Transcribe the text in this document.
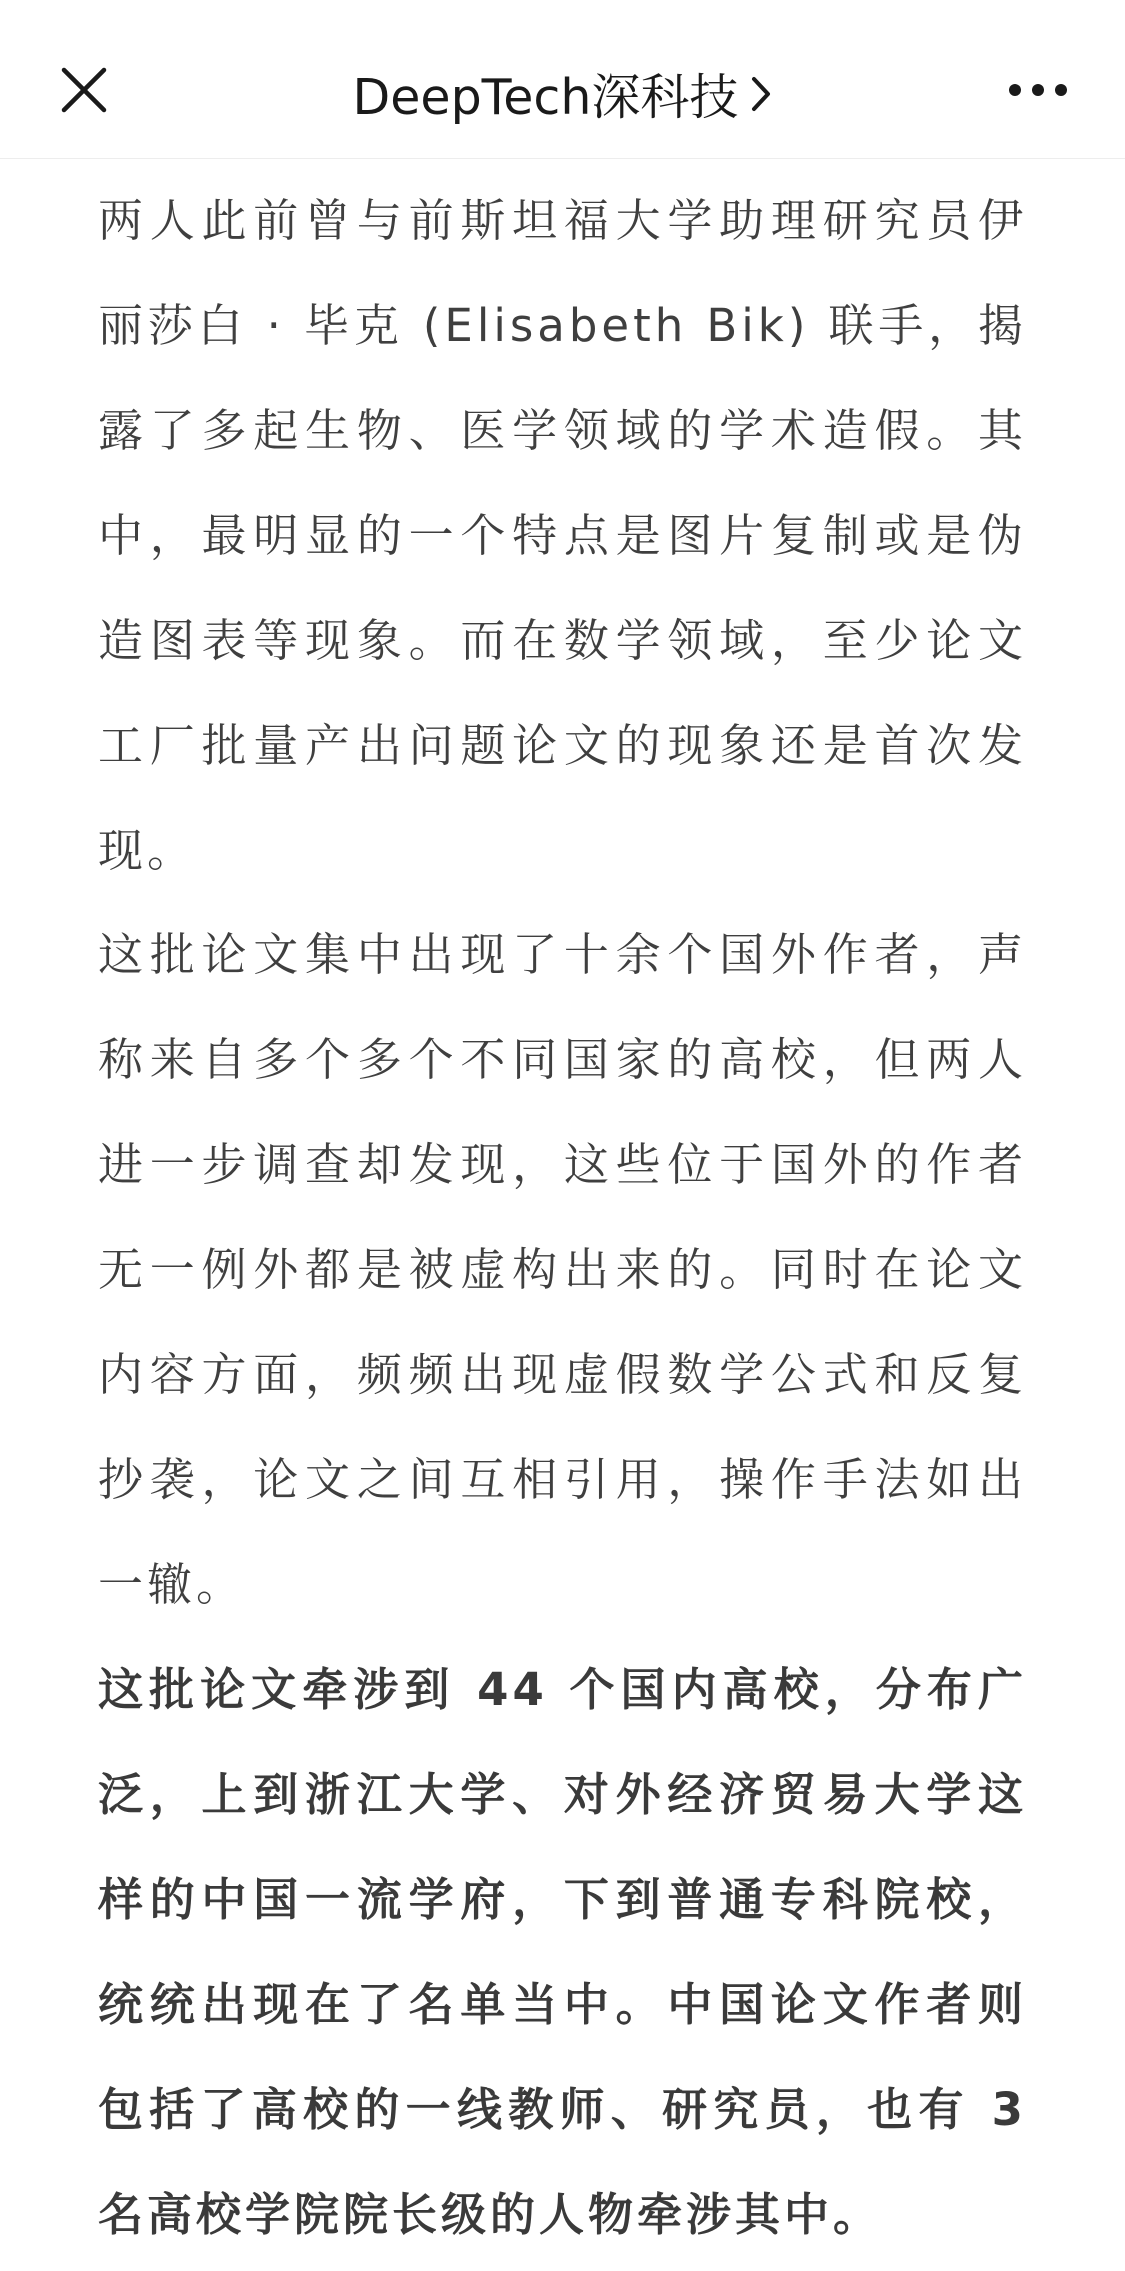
DeepTech深科技

两人此前曾与前斯坦福大学助理研究员伊丽莎白 · 毕克 (Elisabeth Bik) 联手，揭露了多起生物、医学领域的学术造假。其中，最明显的一个特点是图片复制或是伪造图表等现象。而在数学领域，至少论文工厂批量产出问题论文的现象还是首次发现。

这批论文集中出现了十余个国外作者，声称来自多个多个不同国家的高校，但两人进一步调查却发现，这些位于国外的作者无一例外都是被虚构出来的。同时在论文内容方面，频频出现虚假数学公式和反复抄袭，论文之间互相引用，操作手法如出一辙。

这批论文牵涉到 44 个国内高校，分布广泛，上到浙江大学、对外经济贸易大学这样的中国一流学府，下到普通专科院校，统统出现在了名单当中。中国论文作者则包括了高校的一线教师、研究员，也有 3 名高校学院院长级的人物牵涉其中。
